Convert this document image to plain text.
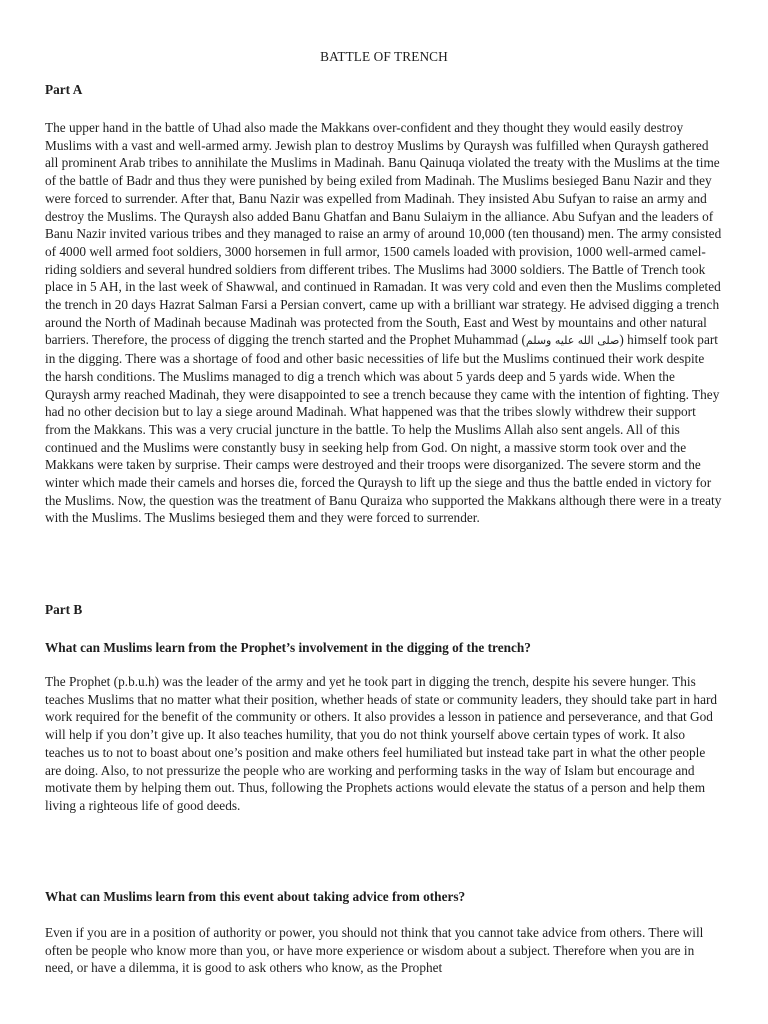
BATTLE OF TRENCH
Part A

The upper hand in the battle of Uhad also made the Makkans over-confident and they thought they would easily destroy Muslims with a vast and well-armed army. Jewish plan to destroy Muslims by Quraysh was fulfilled when Quraysh gathered all prominent Arab tribes to annihilate the Muslims in Madinah. Banu Qainuqa violated the treaty with the Muslims at the time of the battle of Badr and thus they were punished by being exiled from Madinah. The Muslims besieged Banu Nazir and they were forced to surrender. After that, Banu Nazir was expelled from Madinah. They insisted Abu Sufyan to raise an army and destroy the Muslims. The Quraysh also added Banu Ghatfan and Banu Sulaiym in the alliance. Abu Sufyan and the leaders of Banu Nazir invited various tribes and they managed to raise an army of around 10,000 (ten thousand) men. The army consisted of 4000 well armed foot soldiers, 3000 horsemen in full armor, 1500 camels loaded with provision, 1000 well-armed camel-riding soldiers and several hundred soldiers from different tribes. The Muslims had 3000 soldiers. The Battle of Trench took place in 5 AH, in the last week of Shawwal, and continued in Ramadan. It was very cold and even then the Muslims completed the trench in 20 days Hazrat Salman Farsi a Persian convert, came up with a brilliant war strategy. He advised digging a trench around the North of Madinah because Madinah was protected from the South, East and West by mountains and other natural barriers. Therefore, the process of digging the trench started and the Prophet Muhammad (صلى الله عليه وسلم) himself took part in the digging. There was a shortage of food and other basic necessities of life but the Muslims continued their work despite the harsh conditions. The Muslims managed to dig a trench which was about 5 yards deep and 5 yards wide. When the Quraysh army reached Madinah, they were disappointed to see a trench because they came with the intention of fighting. They had no other decision but to lay a siege around Madinah. What happened was that the tribes slowly withdrew their support from the Makkans. This was a very crucial juncture in the battle. To help the Muslims Allah also sent angels. All of this continued and the Muslims were constantly busy in seeking help from God. On night, a massive storm took over and the Makkans were taken by surprise. Their camps were destroyed and their troops were disorganized. The severe storm and the winter which made their camels and horses die, forced the Quraysh to lift up the siege and thus the battle ended in victory for the Muslims. Now, the question was the treatment of Banu Quraiza who supported the Makkans although there were in a treaty with the Muslims. The Muslims besieged them and they were forced to surrender.

Part B
What can Muslims learn from the Prophet’s involvement in the digging of the trench?

The Prophet (p.b.u.h) was the leader of the army and yet he took part in digging the trench, despite his severe hunger. This teaches Muslims that no matter what their position, whether heads of state or community leaders, they should take part in hard work required for the benefit of the community or others. It also provides a lesson in patience and perseverance, and that God will help if you don’t give up. It also teaches humility, that you do not think yourself above certain types of work. It also teaches us to not to boast about one’s position and make others feel humiliated but instead take part in what the other people are doing. Also, to not pressurize the people who are working and performing tasks in the way of Islam but encourage and motivate them by helping them out. Thus, following the Prophets actions would elevate the status of a person and help them living a righteous life of good deeds.

What can Muslims learn from this event about taking advice from others?

Even if you are in a position of authority or power, you should not think that you cannot take advice from others. There will often be people who know more than you, or have more experience or wisdom about a subject. Therefore when you are in need, or have a dilemma, it is good to ask others who know, as the Prophet
